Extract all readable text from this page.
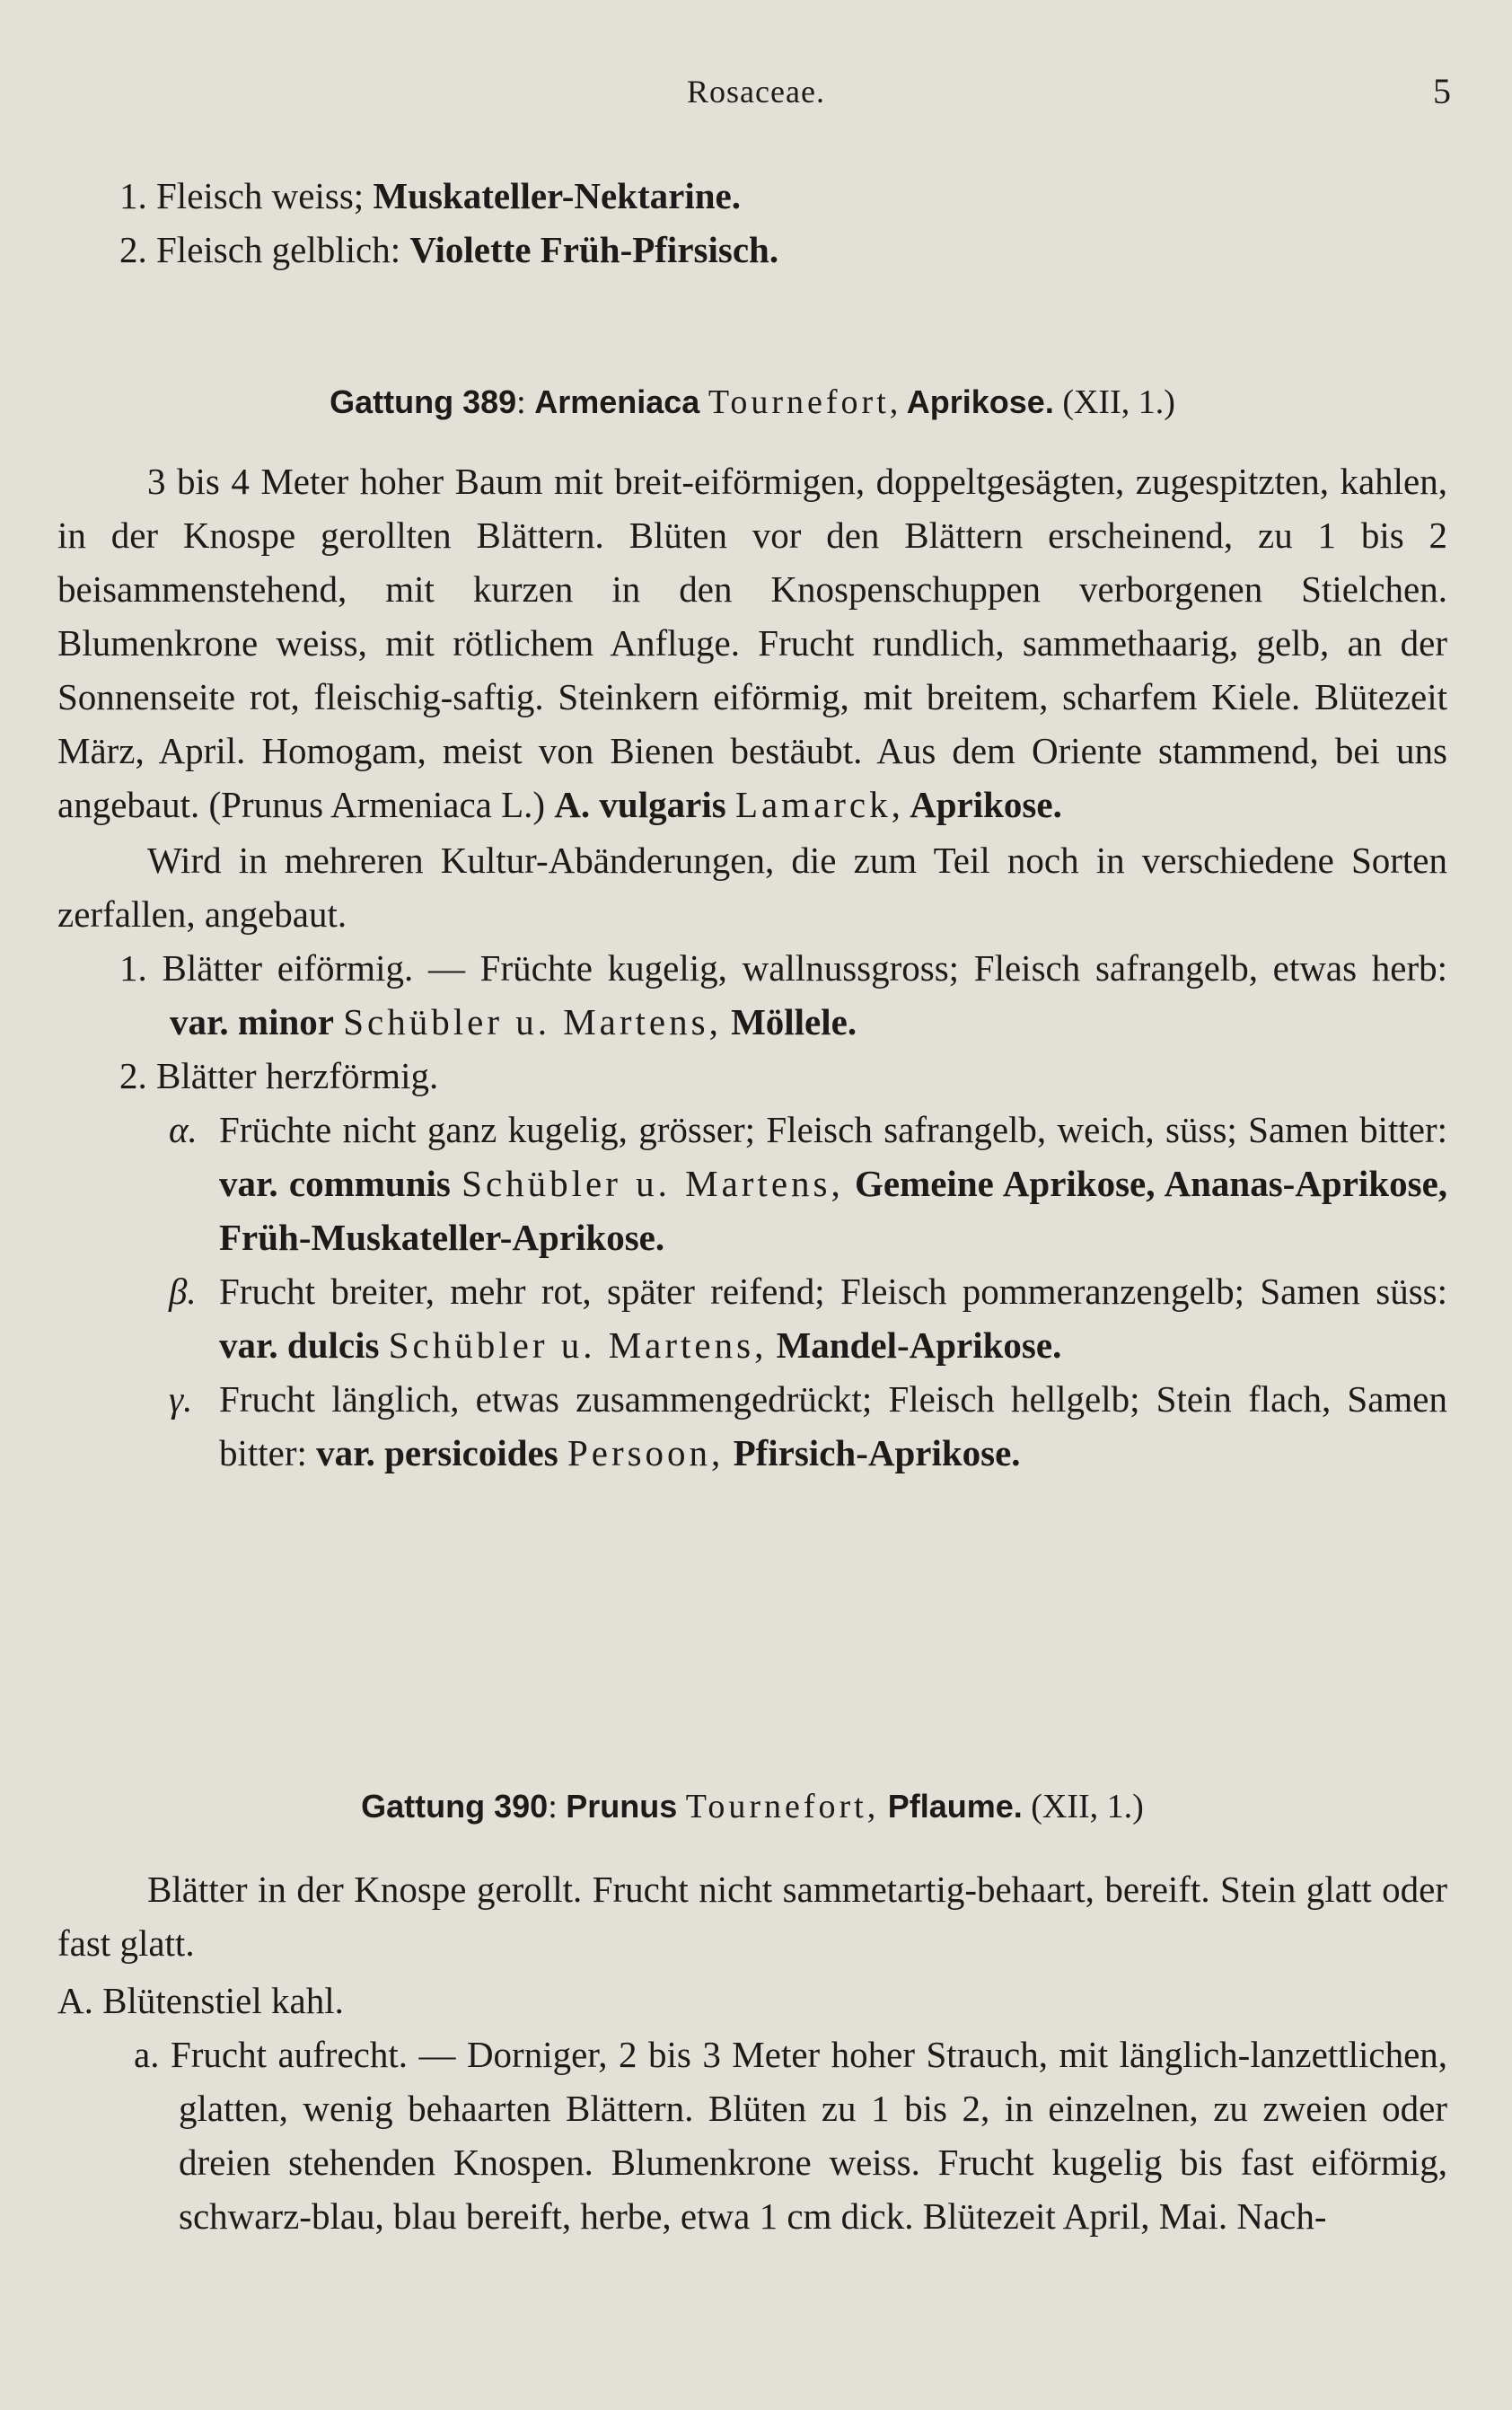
Rosaceae.	5

1. Fleisch weiss; Muskateller-Nektarine.

2. Fleisch gelblich: Violette Früh-Pfirsisch.

Gattung 389: Armeniaca Tournefort, Aprikose. (XII, 1.)

3 bis 4 Meter hoher Baum mit breit-eiförmigen, doppeltgesägten, zugespitzten, kahlen, in der Knospe gerollten Blättern. Blüten vor den Blättern erscheinend, zu 1 bis 2 beisammenstehend, mit kurzen in den Knospenschuppen verborgenen Stielchen. Blumenkrone weiss, mit rötlichem Anfluge. Frucht rundlich, sammethaarig, gelb, an der Sonnenseite rot, fleischig-saftig. Steinkern eiförmig, mit breitem, scharfem Kiele. Blütezeit März, April. Homogam, meist von Bienen bestäubt. Aus dem Oriente stammend, bei uns angebaut. (Prunus Armeniaca L.) A. vulgaris Lamarck, Aprikose.

Wird in mehreren Kultur-Abänderungen, die zum Teil noch in verschiedene Sorten zerfallen, angebaut.

1. Blätter eiförmig. — Früchte kugelig, wallnussgross; Fleisch safrangelb, etwas herb: var. minor Schübler u. Martens, Möllele.

2. Blätter herzförmig.

α. Früchte nicht ganz kugelig, grösser; Fleisch safrangelb, weich, süss; Samen bitter: var. communis Schübler u. Martens, Gemeine Aprikose, Ananas-Aprikose, Früh-Muskateller-Aprikose.

β. Frucht breiter, mehr rot, später reifend; Fleisch pommeranzengelb; Samen süss: var. dulcis Schübler u. Martens, Mandel-Aprikose.

γ. Frucht länglich, etwas zusammengedrückt; Fleisch hellgelb; Stein flach, Samen bitter: var. persicoides Persoon, Pfirsich-Aprikose.

Gattung 390: Prunus Tournefort, Pflaume. (XII, 1.)

Blätter in der Knospe gerollt. Frucht nicht sammetartig-behaart, bereift. Stein glatt oder fast glatt.

A. Blütenstiel kahl.

a. Frucht aufrecht. — Dorniger, 2 bis 3 Meter hoher Strauch, mit länglich-lanzettlichen, glatten, wenig behaarten Blättern. Blüten zu 1 bis 2, in einzelnen, zu zweien oder dreien stehenden Knospen. Blumenkrone weiss. Frucht kugelig bis fast eiförmig, schwarz-blau, blau bereift, herbe, etwa 1 cm dick. Blütezeit April, Mai. Nach-
